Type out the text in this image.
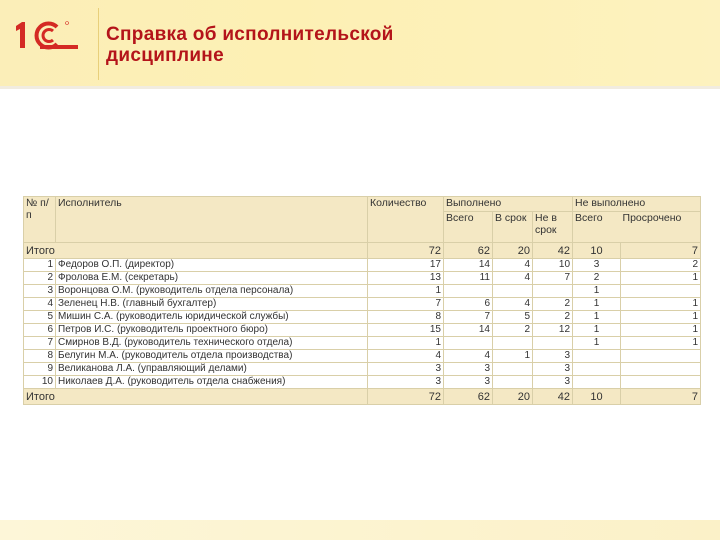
Справка об исполнительской
дисциплине
№ п/п	Исполнитель	Количество	Выполнено			Не выполнено	
			Всего	В срок	Не в срок	Всего	Просрочено
Итого		72	62	20	42	10	7
1	Федоров О.П. (директор)	17	14	4	10	3	2
2	Фролова Е.М. (секретарь)	13	11	4	7	2	1
3	Воронцова О.М. (руководитель отдела персонала)	1				1	
4	Зеленец Н.В. (главный бухгалтер)	7	6	4	2	1	1
5	Мишин С.А. (руководитель юридической службы)	8	7	5	2	1	1
6	Петров И.С. (руководитель проектного бюро)	15	14	2	12	1	1
7	Смирнов В.Д. (руководитель технического отдела)	1				1	1
8	Белугин М.А. (руководитель отдела производства)	4	4	1	3		
9	Великанова Л.А. (управляющий делами)	3	3		3		
10	Николаев Д.А. (руководитель отдела снабжения)	3	3		3		
Итого		72	62	20	42	10	7
